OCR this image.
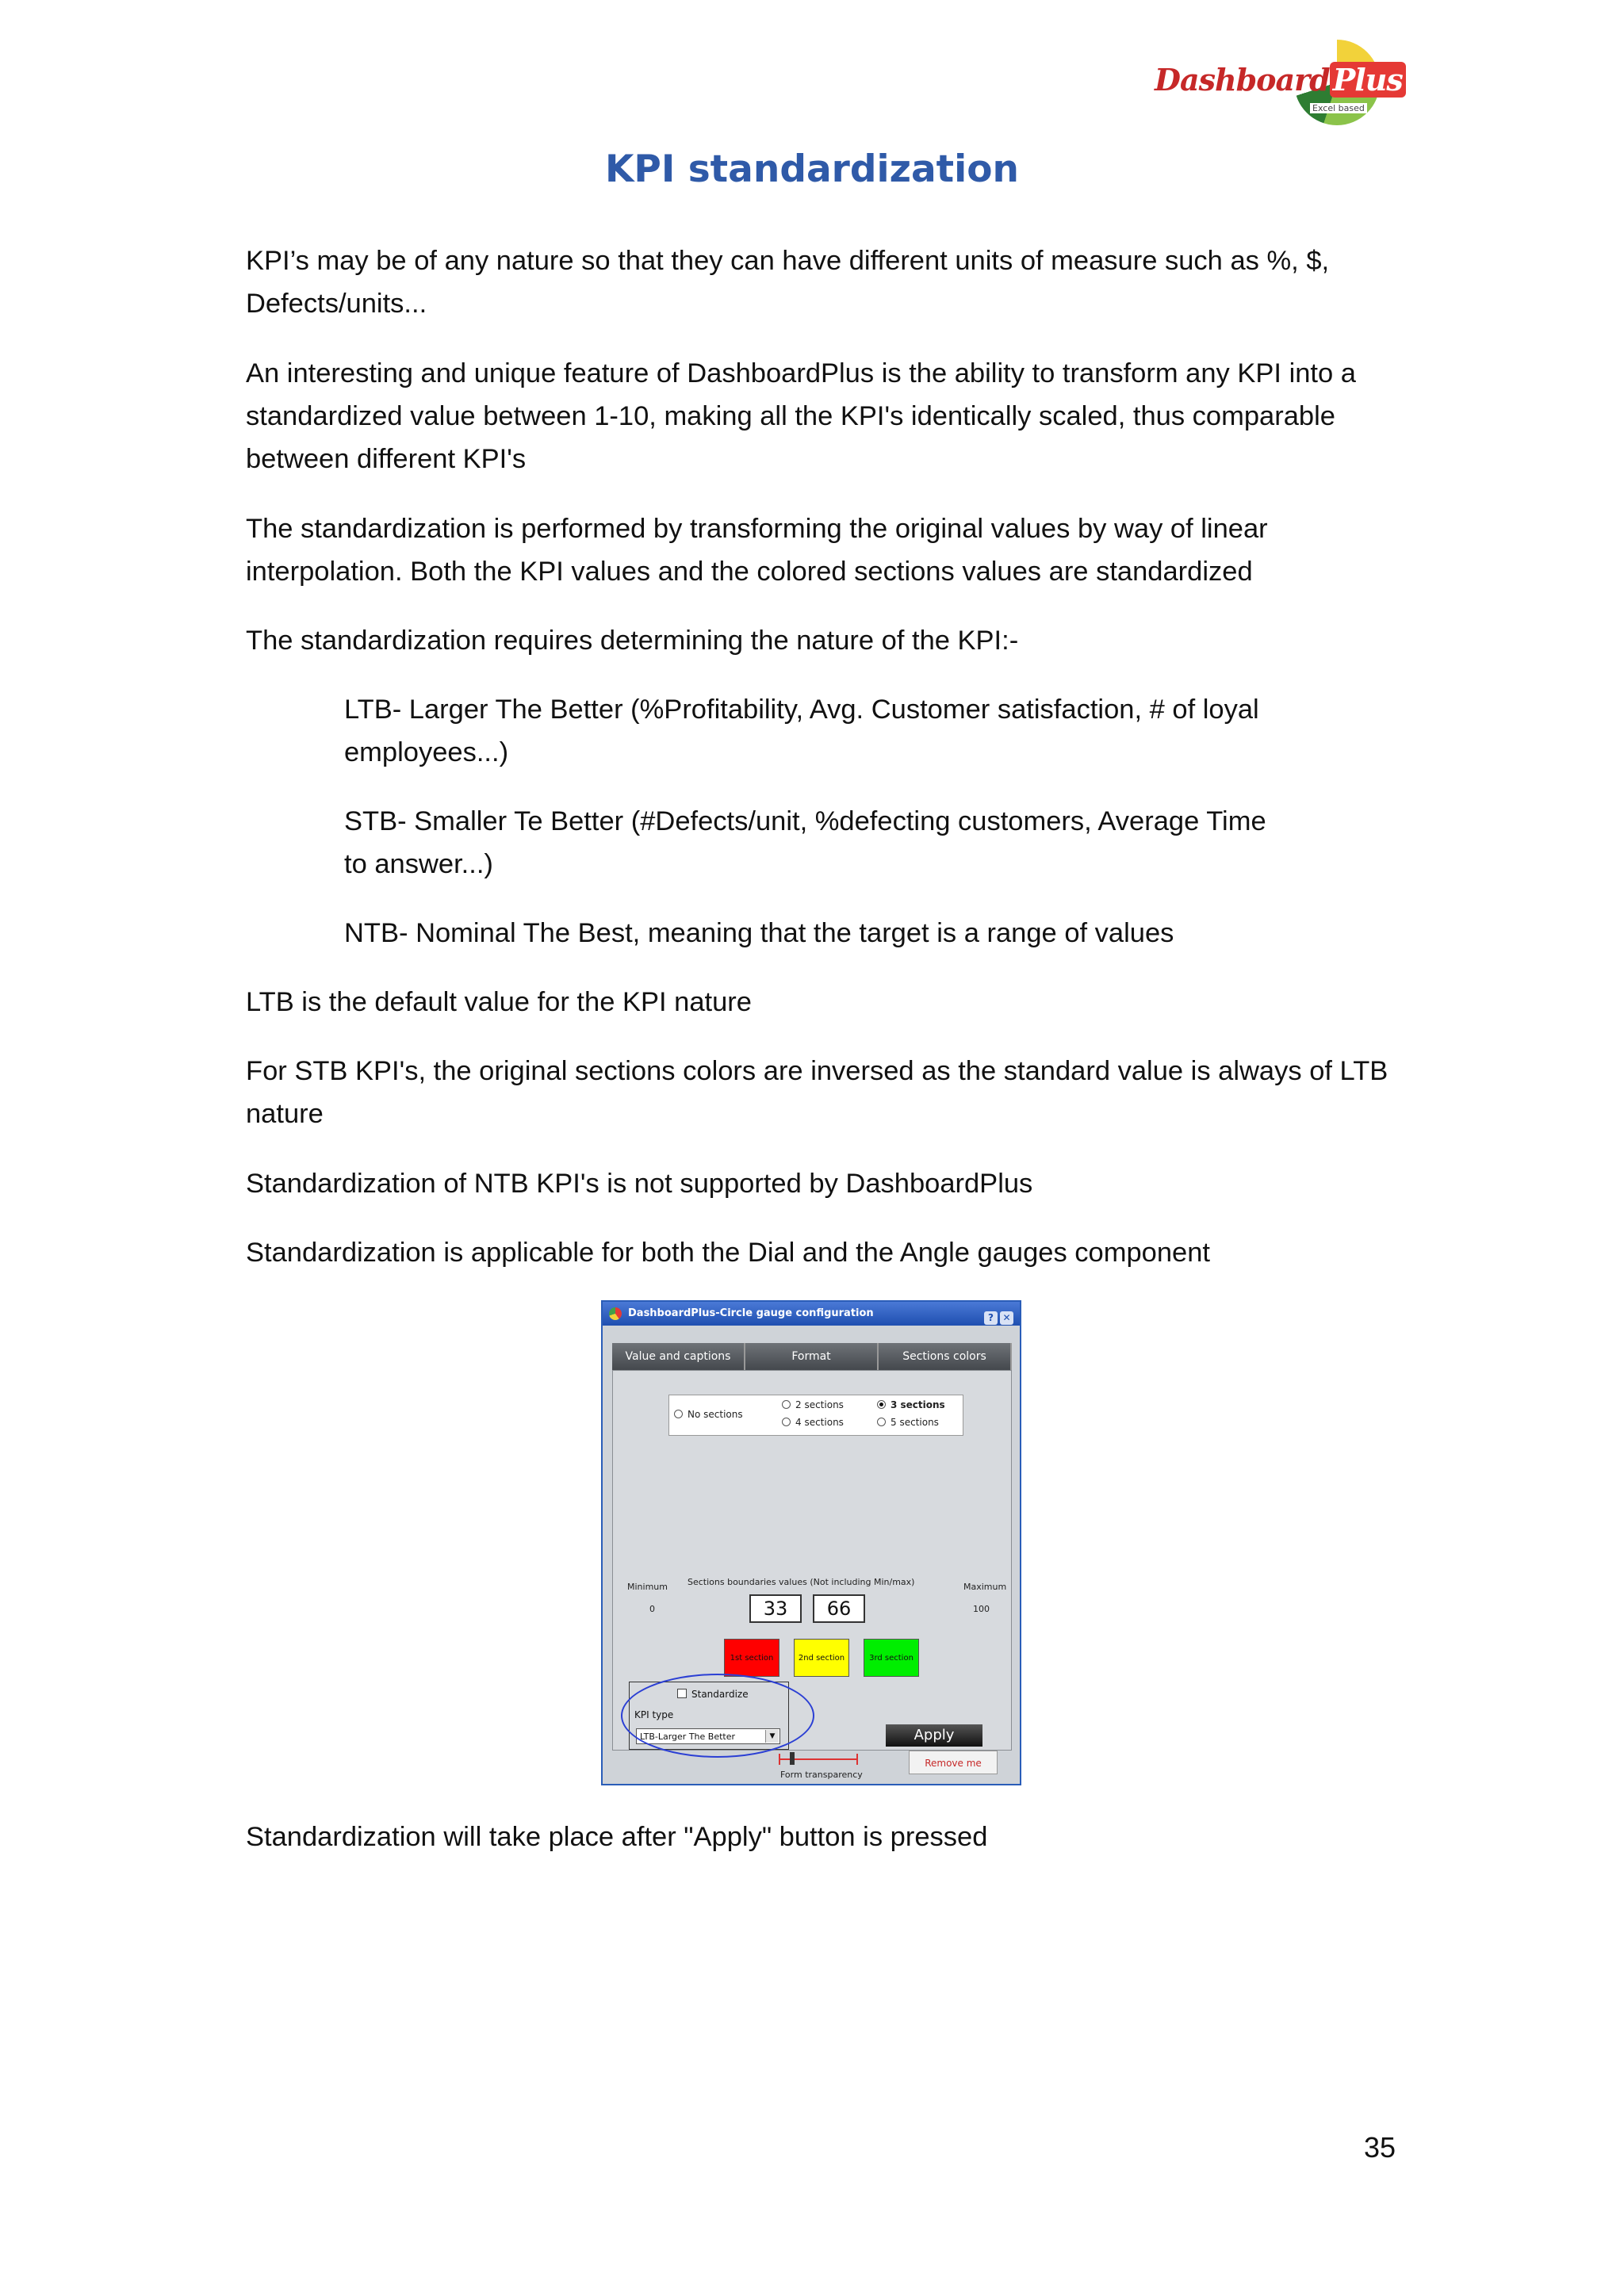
Dashboard Plus
Excel based
KPI standardization
KPI’s may be of any nature so that they can have different units of measure such as %, $,
Defects/units...
An interesting and unique feature of DashboardPlus is the ability to transform any KPI into a
standardized value between 1-10, making all the KPI's identically scaled, thus comparable
between different KPI's
The standardization is performed by transforming the original values by way of linear
interpolation. Both the KPI values and the colored sections values are standardized
The standardization requires determining the nature of the KPI:-
LTB- Larger The Better (%Profitability, Avg. Customer satisfaction, # of loyal
employees...)
STB- Smaller Te Better (#Defects/unit, %defecting customers, Average Time
to answer...)
NTB- Nominal The Best, meaning that the target is a range of values
LTB is the default value for the KPI nature
For STB KPI's, the original sections colors are inversed as the standard value is always of LTB
nature
Standardization of NTB KPI's is not supported by DashboardPlus
Standardization is applicable for both the Dial and the Angle gauges component
DashboardPlus-Circle gauge configuration	? ✕
Value and captions	Format	Sections colors
No sections
2 sections
4 sections
3 sections
5 sections
Minimum
0
Sections boundaries values (Not including Min/max)	Maximum
100
33	66
1st section	2nd section	3rd section
Standardize
KPI type
LTB-Larger The Better	▼	Apply
Form transparency
Remove me
Standardization will take place after "Apply" button is pressed
35
